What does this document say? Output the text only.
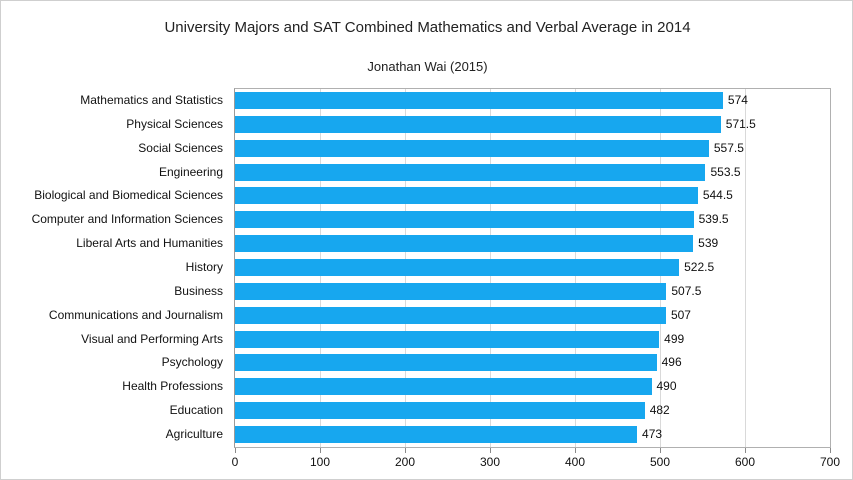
University Majors and SAT Combined Mathematics and Verbal Average in 2014
Jonathan Wai (2015)
Mathematics and Statistics
Physical Sciences
Social Sciences
Engineering
Biological and Biomedical Sciences
Computer and Information Sciences
Liberal Arts and Humanities
History
Business
Communications and Journalism
Visual and Performing Arts
Psychology
Health Professions
Education
Agriculture
574
571.5
557.5
553.5
544.5
539.5
539
522.5
507.5
507
499
496
490
482
473
0	100	200	300	400	500	600	700
